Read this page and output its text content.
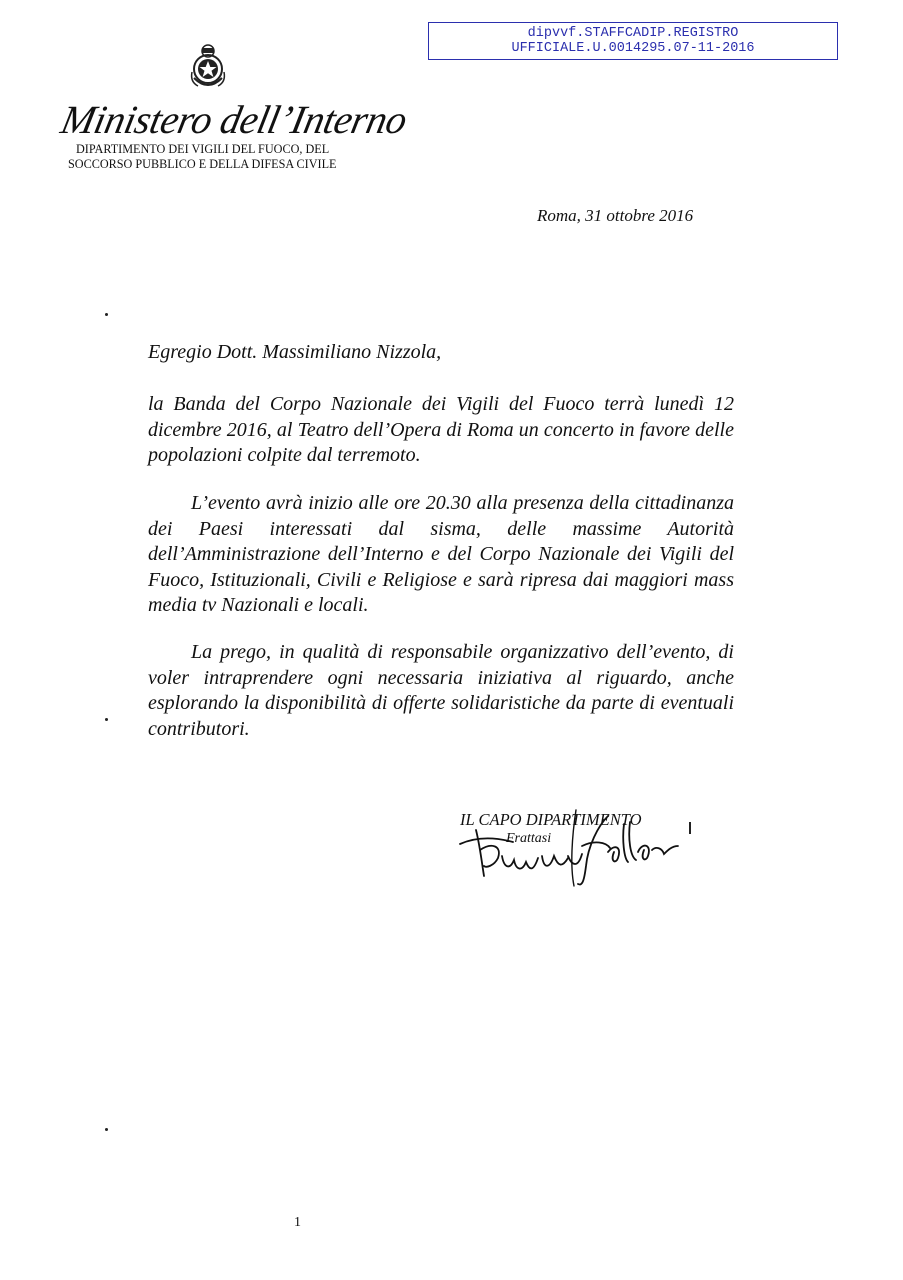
dipvvf.STAFFCADIP.REGISTRO
UFFICIALE.U.0014295.07-11-2016
Ministero dell’Interno
DIPARTIMENTO DEI VIGILI DEL FUOCO, DEL
SOCCORSO PUBBLICO E DELLA DIFESA CIVILE
Roma, 31 ottobre 2016
Egregio Dott. Massimiliano Nizzola,
la Banda del Corpo Nazionale dei Vigili del Fuoco terrà lunedì 12 dicembre 2016, al Teatro dell’Opera di Roma un concerto in favore delle popolazioni colpite dal terremoto.
L’evento avrà inizio alle ore 20.30 alla presenza della cittadinanza dei Paesi interessati dal sisma, delle massime Autorità dell’Amministrazione dell’Interno e del Corpo Nazionale dei Vigili del Fuoco, Istituzionali, Civili e Religiose e sarà ripresa dai maggiori mass media tv Nazionali e locali.
La prego, in qualità di responsabile organizzativo dell’evento, di voler intraprendere ogni necessaria iniziativa al riguardo, anche esplorando la disponibilità di offerte solidaristiche da parte di eventuali contributori.
IL CAPO DIPARTIMENTO
Frattasi
1
